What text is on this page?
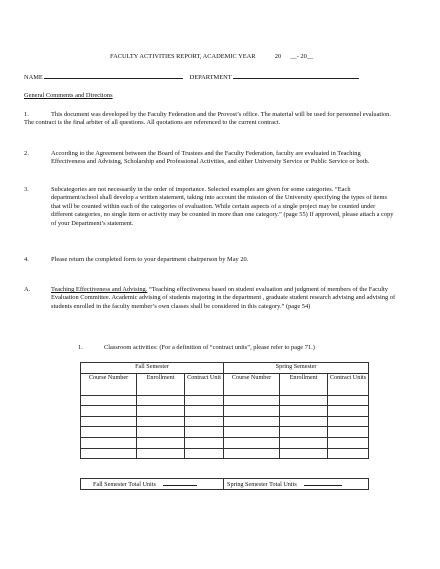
FACULTY ACTIVITIES REPORT, ACADEMIC YEAR	20 __- 20__
NAME	DEPARTMENT
General Comments and Directions
1.	This document was developed by the Faculty Federation and the Provost’s office. The material will be used for personnel evaluation. The contract is the final arbiter of all questions. All quotations are referenced to the current contract.
2.	According to the Agreement between the Board of Trustees and the Faculty Federation, faculty are evaluated in Teaching Effectiveness and Advising, Scholarship and Professional Activities, and either University Service or Public Service or both.
3.	Subcategories are not necessarily in the order of importance. Selected examples are given for some categories. “Each department/school shall develop a written statement, taking into account the mission of the University specifying the types of items that will be counted within each of the categories of evaluation. While certain aspects of a single project may be counted under different categories, no single item or activity may be counted in more than one category.” (page 55) If approved, please attach a copy of your Department’s statement.
4.	Please return the completed form to your department chairperson by May 20.
A.	Teaching Effectiveness and Advising. “Teaching effectiveness based on student evaluation and judgment of members of the Faculty Evaluation Committee. Academic advising of students majoring in the department , graduate student research advising and advising of students enrolled in the faculty member’s own classes shall be considered in this category.” (page 54)
1.	Classroom activities: (For a definition of “contract units”, please refer to page 71.)
Fall Semester			Spring Semester		
Course Number	Enrollment	Contract Unit	Course Number	Enrollment	Contract Units

Fall Semester Total Units	Spring Semester Total Units
